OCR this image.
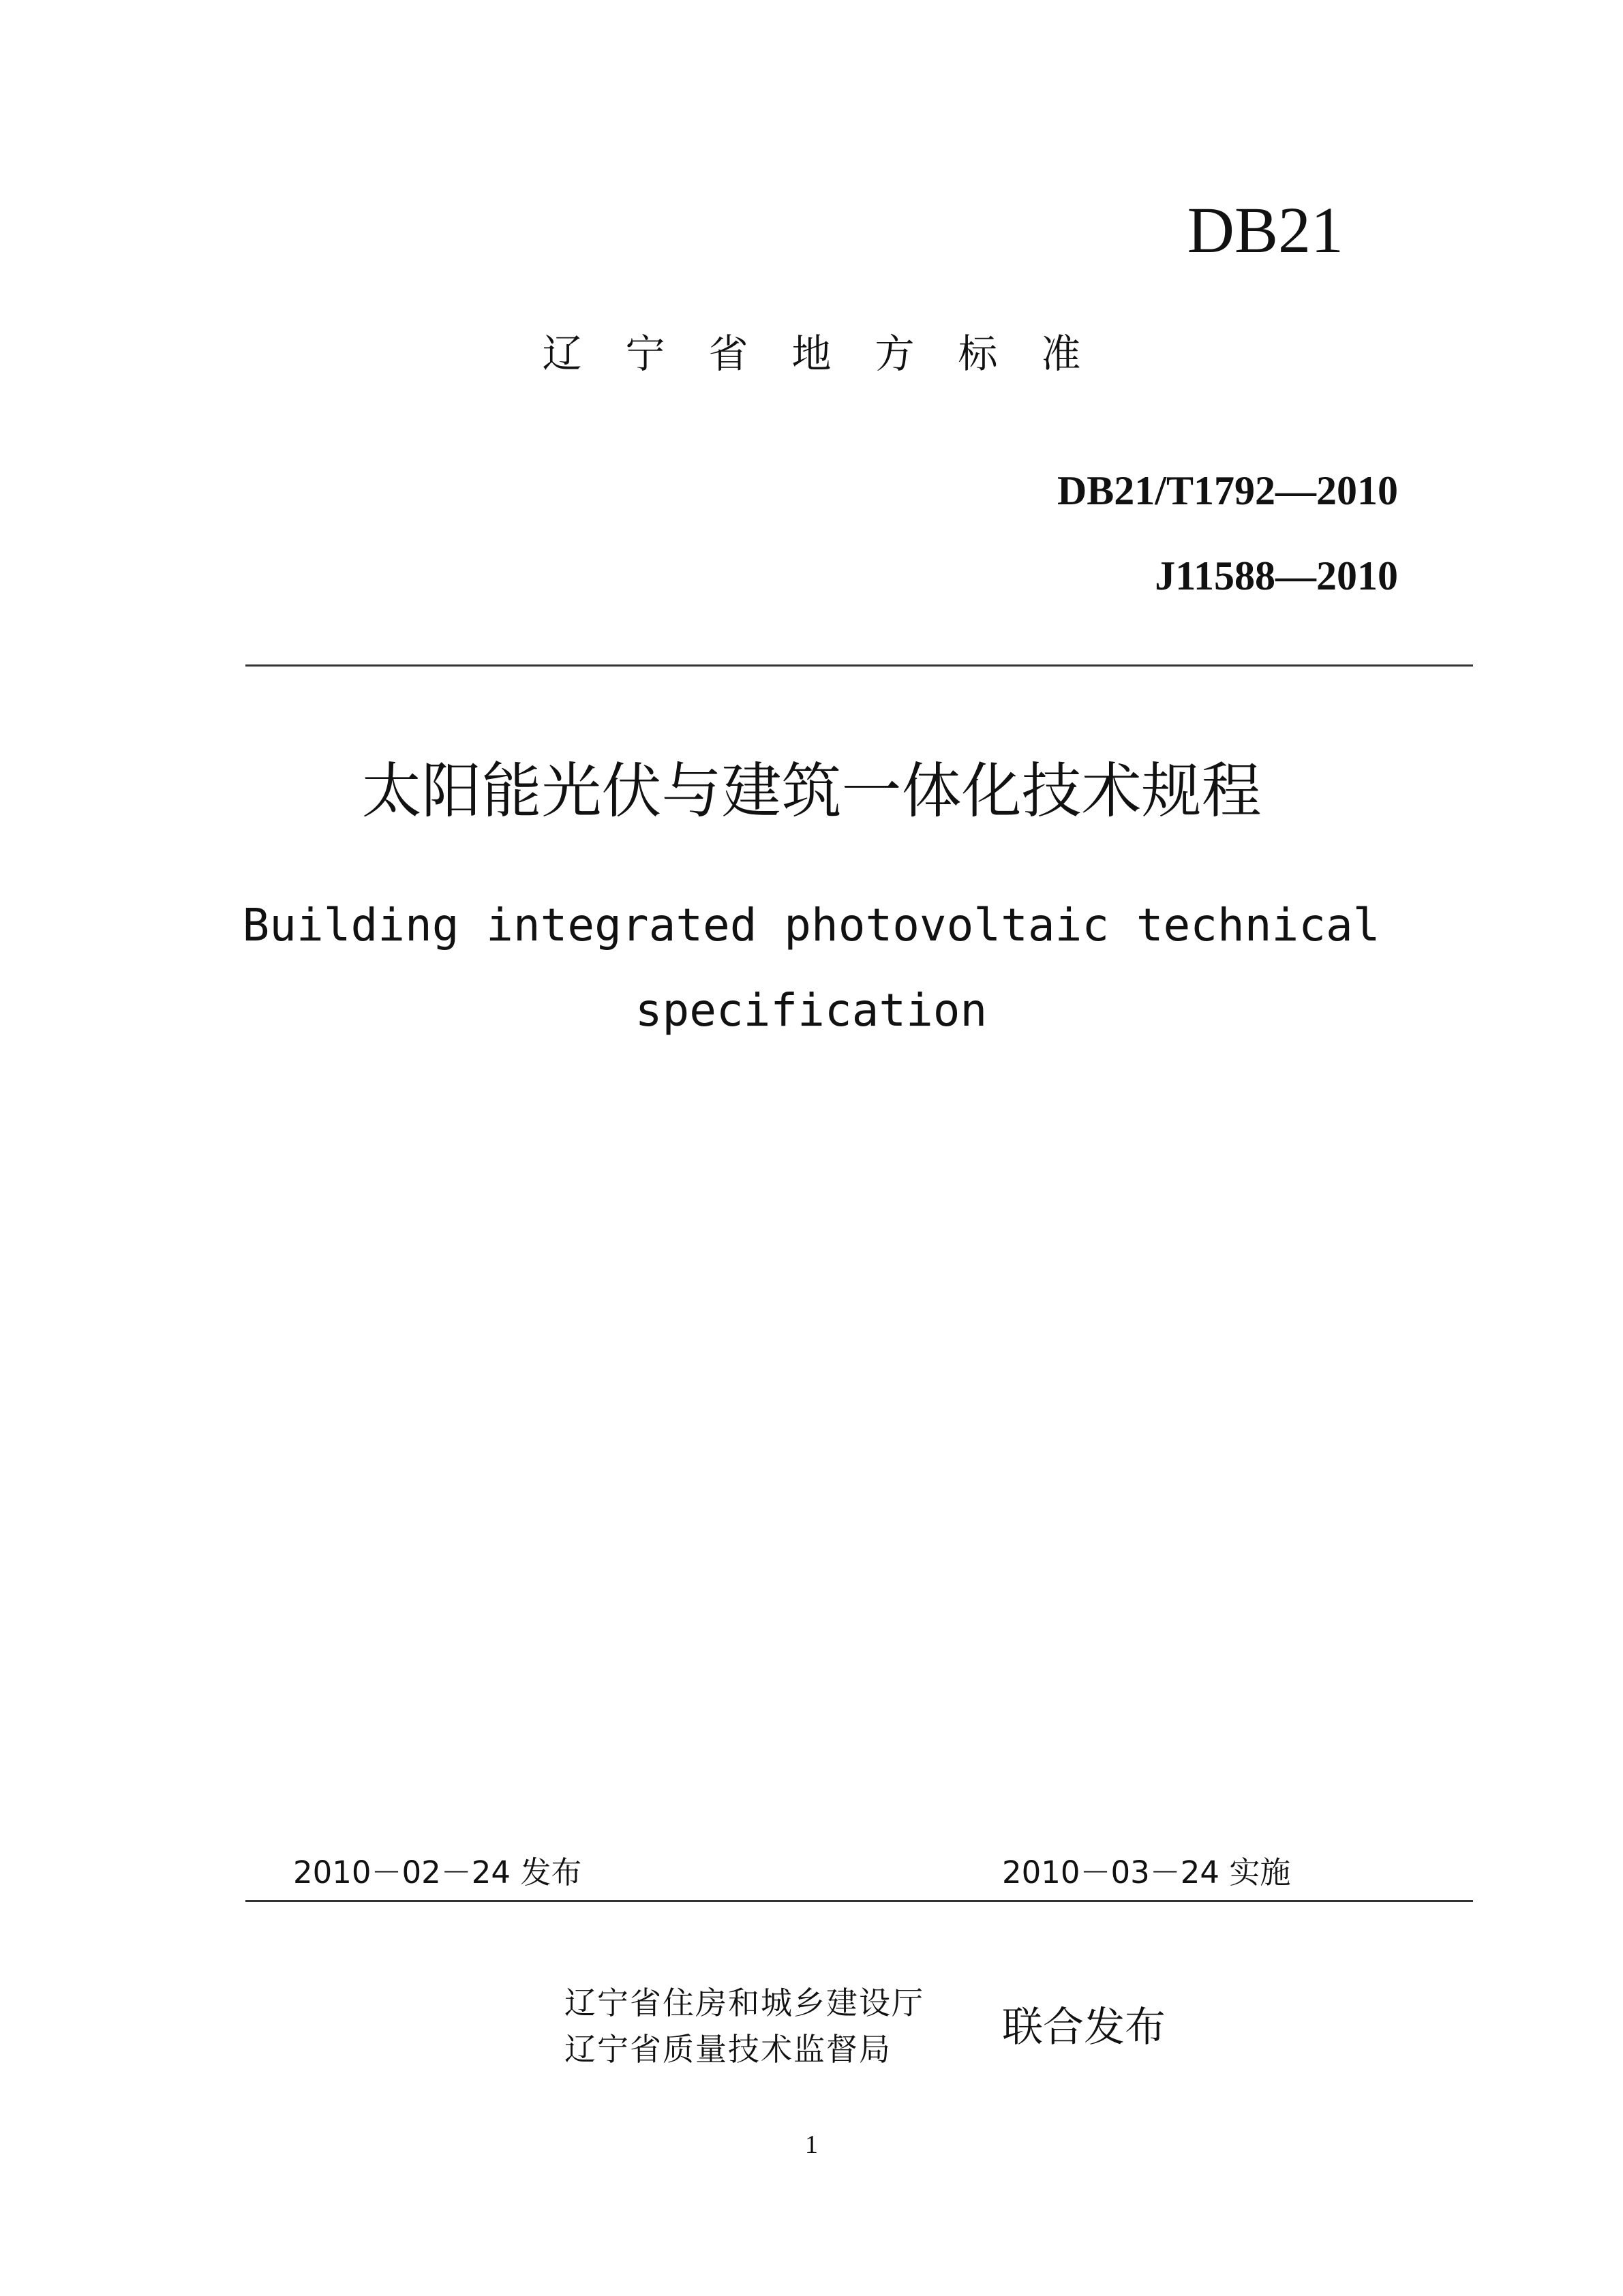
DB21
辽宁省地方标准
DB21/T1792—2010
J11588—2010
太阳能光伏与建筑一体化技术规程
Building integrated photovoltaic technical
specification
2010－02－24 发布	2010－03－24 实施
辽宁省住房和城乡建设厅
辽宁省质量技术监督局	联合发布
1
